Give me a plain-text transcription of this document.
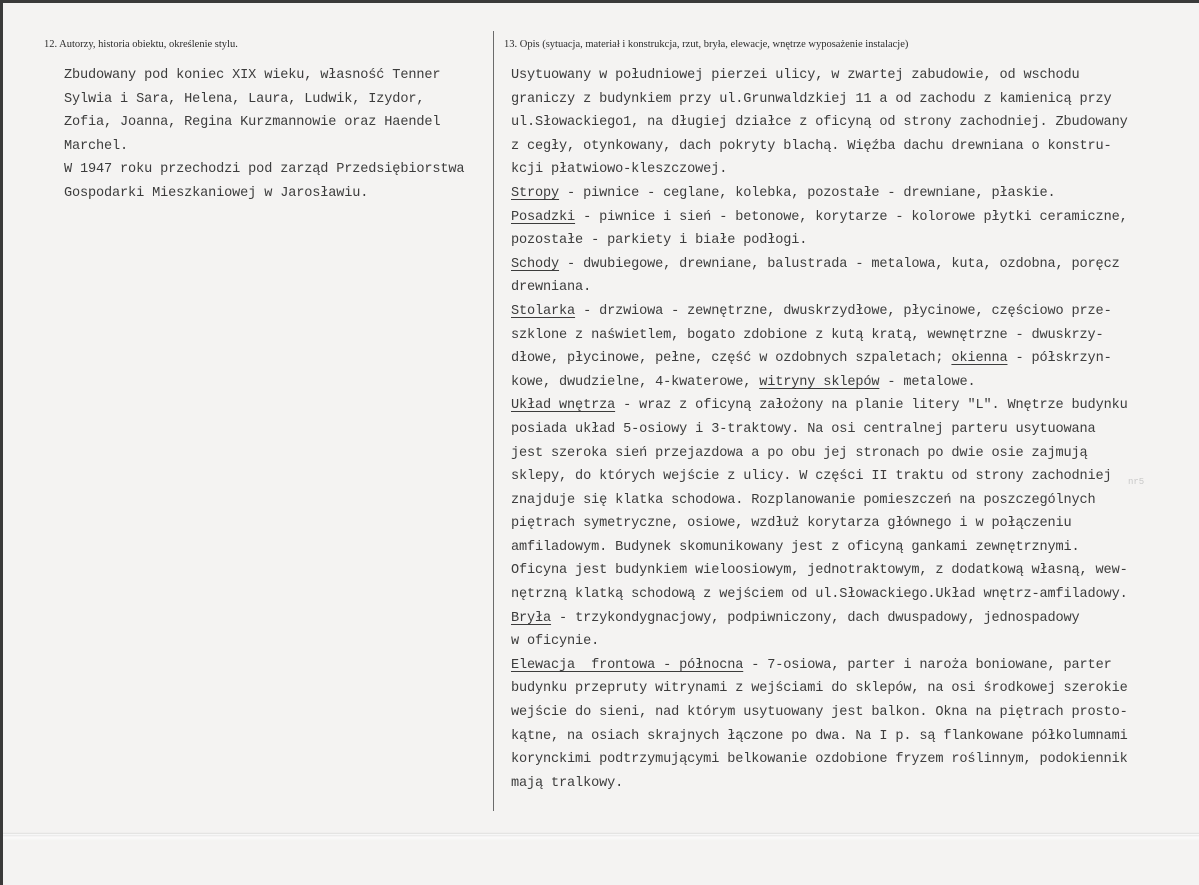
12. Autorzy, historia obiektu, określenie stylu.
Zbudowany pod koniec XIX wieku, własność Tenner
Sylwia i Sara, Helena, Laura, Ludwik, Izydor,
Zofia, Joanna, Regina Kurzmannowie oraz Haendel
Marchel.
W 1947 roku przechodzi pod zarząd Przedsiębiorstwa
Gospodarki Mieszkaniowej w Jarosławiu.
13. Opis (sytuacja, materiał i konstrukcja, rzut, bryła, elewacje, wnętrze wyposażenie instalacje)
Usytuowany w południowej pierzei ulicy, w zwartej zabudowie, od wschodu
graniczy z budynkiem przy ul.Grunwaldzkiej 11 a od zachodu z kamienicą przy
ul.Słowackiego1, na długiej działce z oficyną od strony zachodniej. Zbudowany
z cegły, otynkowany, dach pokryty blachą. Więźba dachu drewniana o konstru-
kcji płatwiowo-kleszczowej.
Stropy - piwnice - ceglane, kolebka, pozostałe - drewniane, płaskie.
Posadzki - piwnice i sień - betonowe, korytarze - kolorowe płytki ceramiczne,
pozostałe - parkiety i białe podłogi.
Schody - dwubiegowe, drewniane, balustrada - metalowa, kuta, ozdobna, poręcz
drewniana.
Stolarka - drzwiowa - zewnętrzne, dwuskrzydłowe, płycinowe, częściowo prze-
szklone z naświetlem, bogato zdobione z kutą kratą, wewnętrzne - dwuskrzy-
dłowe, płycinowe, pełne, część w ozdobnych szpaletach; okienna - półskrzyn-
kowe, dwudzielne, 4-kwaterowe, witryny sklepów - metalowe.
Układ wnętrza - wraz z oficyną założony na planie litery "L". Wnętrze budynku
posiada układ 5-osiowy i 3-traktowy. Na osi centralnej parteru usytuowana
jest szeroka sień przejazdowa a po obu jej stronach po dwie osie zajmują
sklepy, do których wejście z ulicy. W części II traktu od strony zachodniej
znajduje się klatka schodowa. Rozplanowanie pomieszczeń na poszczególnych
piętrach symetryczne, osiowe, wzdłuż korytarza głównego i w połączeniu
amfiladowym. Budynek skomunikowany jest z oficyną gankami zewnętrznymi.
Oficyna jest budynkiem wieloosiowym, jednotraktowym, z dodatkową własną, wew-
nętrzną klatką schodową z wejściem od ul.Słowackiego.Układ wnętrz-amfiladowy.
Bryła - trzykondygnacjowy, podpiwniczony, dach dwuspadowy, jednospadowy
w oficynie.
Elewacja  frontowa - północna - 7-osiowa, parter i naroża boniowane, parter
budynku przepruty witrynami z wejściami do sklepów, na osi środkowej szerokie
wejście do sieni, nad którym usytuowany jest balkon. Okna na piętrach prosto-
kątne, na osiach skrajnych łączone po dwa. Na I p. są flankowane półkolumnami
korynckimi podtrzymującymi belkowanie ozdobione fryzem roślinnym, podokiennik
mają tralkowy.
nr5
